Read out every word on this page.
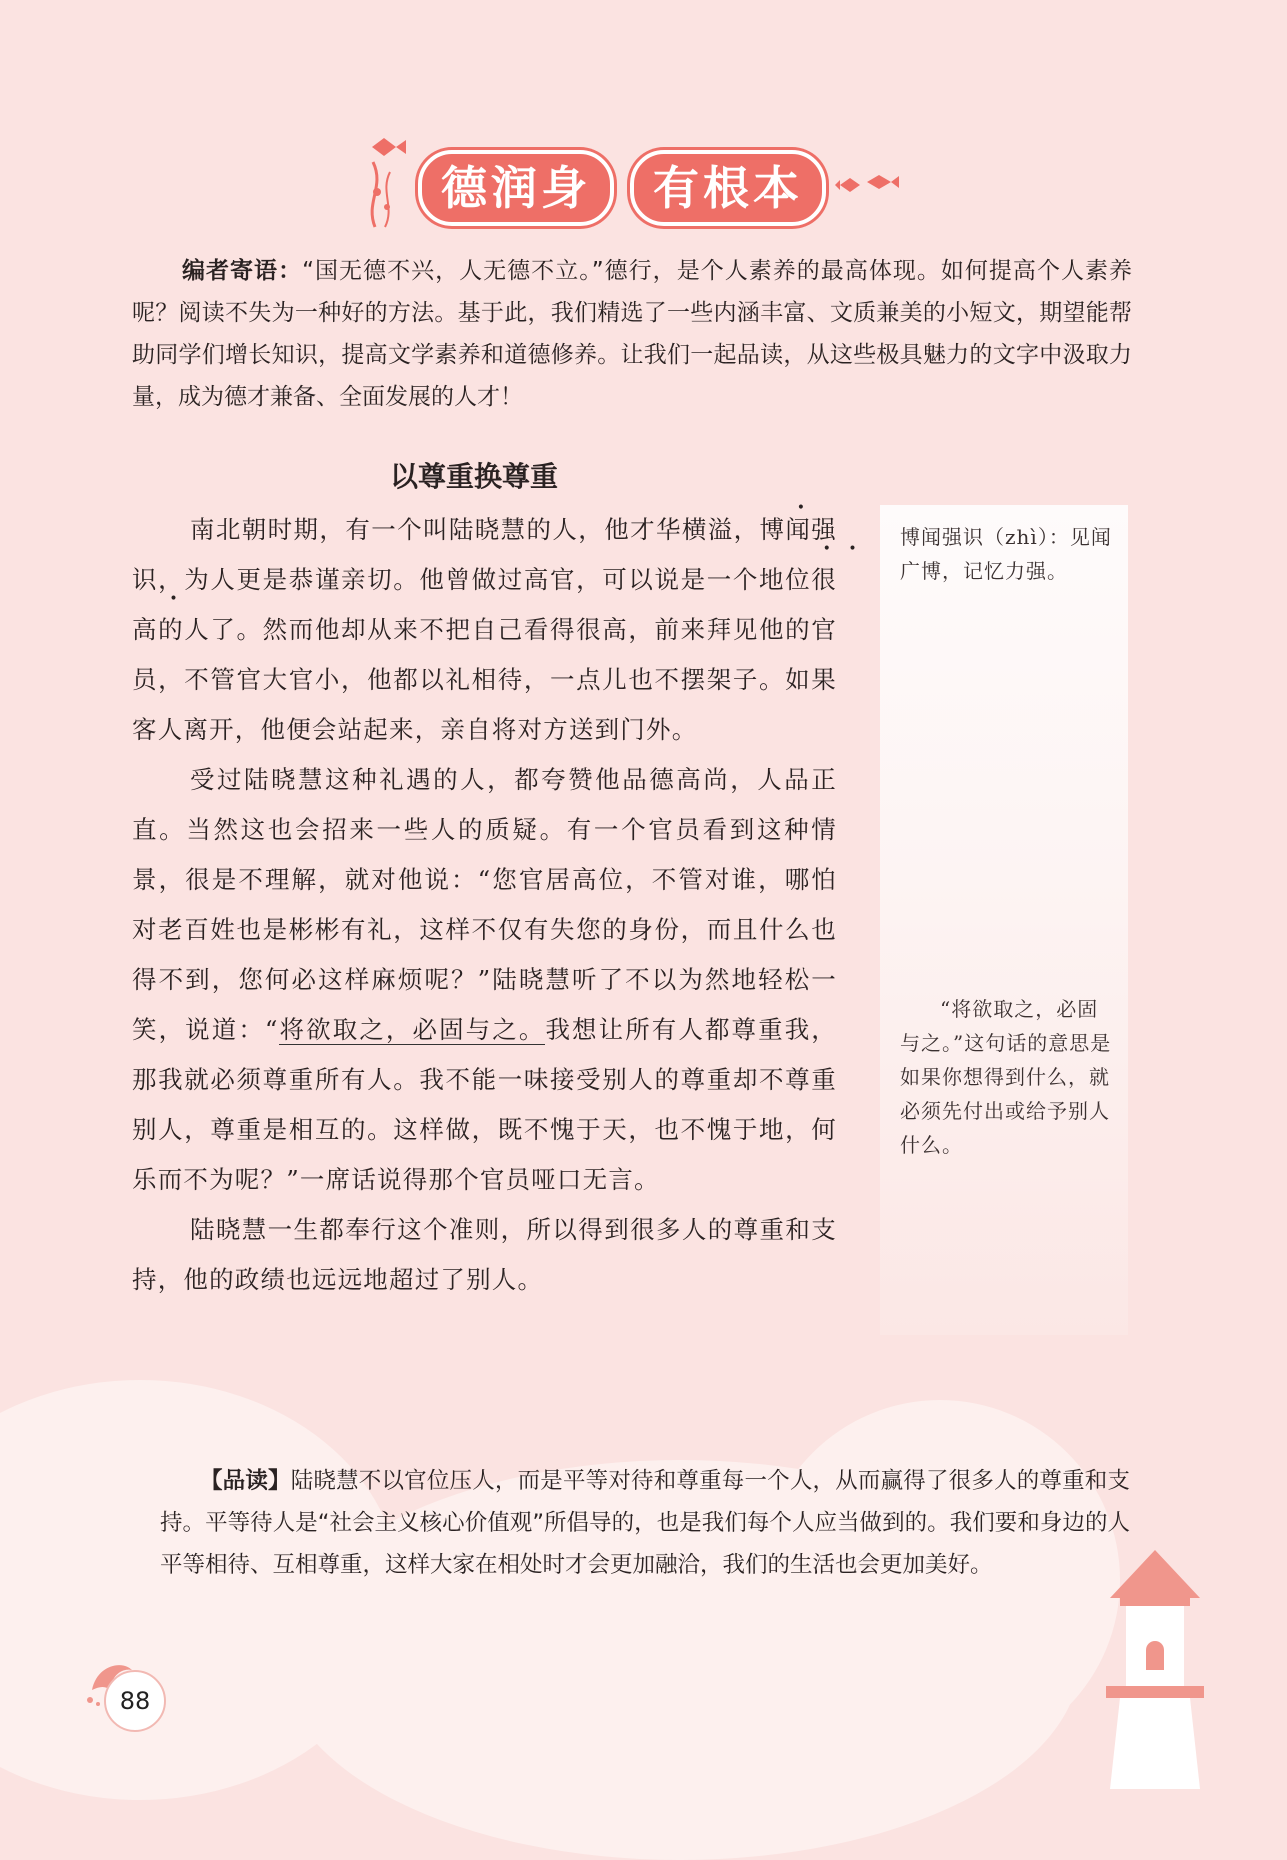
德润身	有根本
编者寄语：“国无德不兴，人无德不立。”德行，是个人素养的最高体现。如何提高个人素养呢？阅读不失为一种好的方法。基于此，我们精选了一些内涵丰富、文质兼美的小短文，期望能帮助同学们增长知识，提高文学素养和道德修养。让我们一起品读，从这些极具魅力的文字中汲取力量，成为德才兼备、全面发展的人才！
博闻强识（zhì）：见闻广博，记忆力强。
“将欲取之，必固与之。”这句话的意思是如果你想得到什么，就必须先付出或给予别人什么。
以尊重换尊重

南北朝时期，有一个叫陆晓慧的人，他才华横溢，博闻强识，为人更是恭谨亲切。他曾做过高官，可以说是一个地位很高的人了。然而他却从来不把自己看得很高，前来拜见他的官员，不管官大官小，他都以礼相待，一点儿也不摆架子。如果客人离开，他便会站起来，亲自将对方送到门外。

受过陆晓慧这种礼遇的人，都夸赞他品德高尚，人品正直。当然这也会招来一些人的质疑。有一个官员看到这种情景，很是不理解，就对他说：“您官居高位，不管对谁，哪怕对老百姓也是彬彬有礼，这样不仅有失您的身份，而且什么也得不到，您何必这样麻烦呢？”陆晓慧听了不以为然地轻松一笑，说道：“将欲取之，必固与之。我想让所有人都尊重我，那我就必须尊重所有人。我不能一味接受别人的尊重却不尊重别人，尊重是相互的。这样做，既不愧于天，也不愧于地，何乐而不为呢？”一席话说得那个官员哑口无言。

陆晓慧一生都奉行这个准则，所以得到很多人的尊重和支持，他的政绩也远远地超过了别人。

【品读】陆晓慧不以官位压人，而是平等对待和尊重每一个人，从而赢得了很多人的尊重和支持。平等待人是“社会主义核心价值观”所倡导的，也是我们每个人应当做到的。我们要和身边的人平等相待、互相尊重，这样大家在相处时才会更加融洽，我们的生活也会更加美好。
88
